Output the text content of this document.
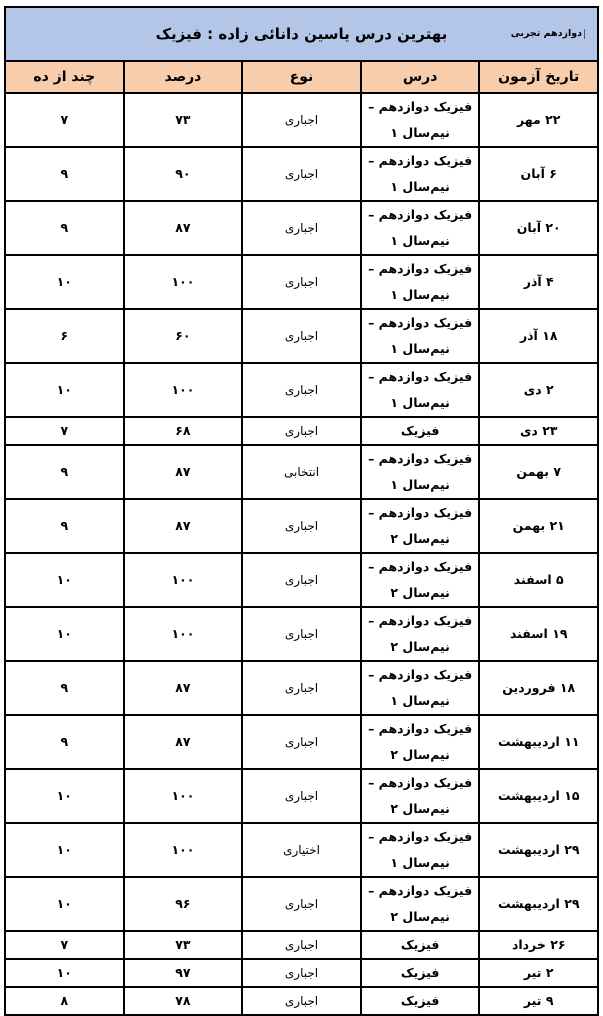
دوازدهم تجربی
بهترین درس یاسین دانائی زاده : فیزیک				

تاریخ آزمون	درس	نوع	درصد	چند از ده
۲۲ مهر	فیزیک دوازدهم – نیم‌سال ۱	اجباری	۷۳	۷
۶ آبان	فیزیک دوازدهم – نیم‌سال ۱	اجباری	۹۰	۹
۲۰ آبان	فیزیک دوازدهم – نیم‌سال ۱	اجباری	۸۷	۹
۴ آذر	فیزیک دوازدهم – نیم‌سال ۱	اجباری	۱۰۰	۱۰
۱۸ آذر	فیزیک دوازدهم – نیم‌سال ۱	اجباری	۶۰	۶
۲ دی	فیزیک دوازدهم – نیم‌سال ۱	اجباری	۱۰۰	۱۰
۲۳ دی	فیزیک	اجباری	۶۸	۷
۷ بهمن	فیزیک دوازدهم – نیم‌سال ۱	انتخابی	۸۷	۹
۲۱ بهمن	فیزیک دوازدهم – نیم‌سال ۲	اجباری	۸۷	۹
۵ اسفند	فیزیک دوازدهم – نیم‌سال ۲	اجباری	۱۰۰	۱۰
۱۹ اسفند	فیزیک دوازدهم – نیم‌سال ۲	اجباری	۱۰۰	۱۰
۱۸ فروردین	فیزیک دوازدهم – نیم‌سال ۱	اجباری	۸۷	۹
۱۱ اردیبهشت	فیزیک دوازدهم – نیم‌سال ۲	اجباری	۸۷	۹
۱۵ اردیبهشت	فیزیک دوازدهم – نیم‌سال ۲	اجباری	۱۰۰	۱۰
۲۹ اردیبهشت	فیزیک دوازدهم – نیم‌سال ۱	اختیاری	۱۰۰	۱۰
۲۹ اردیبهشت	فیزیک دوازدهم – نیم‌سال ۲	اجباری	۹۶	۱۰
۲۶ خرداد	فیزیک	اجباری	۷۳	۷
۲ تیر	فیزیک	اجباری	۹۷	۱۰
۹ تیر	فیزیک	اجباری	۷۸	۸
